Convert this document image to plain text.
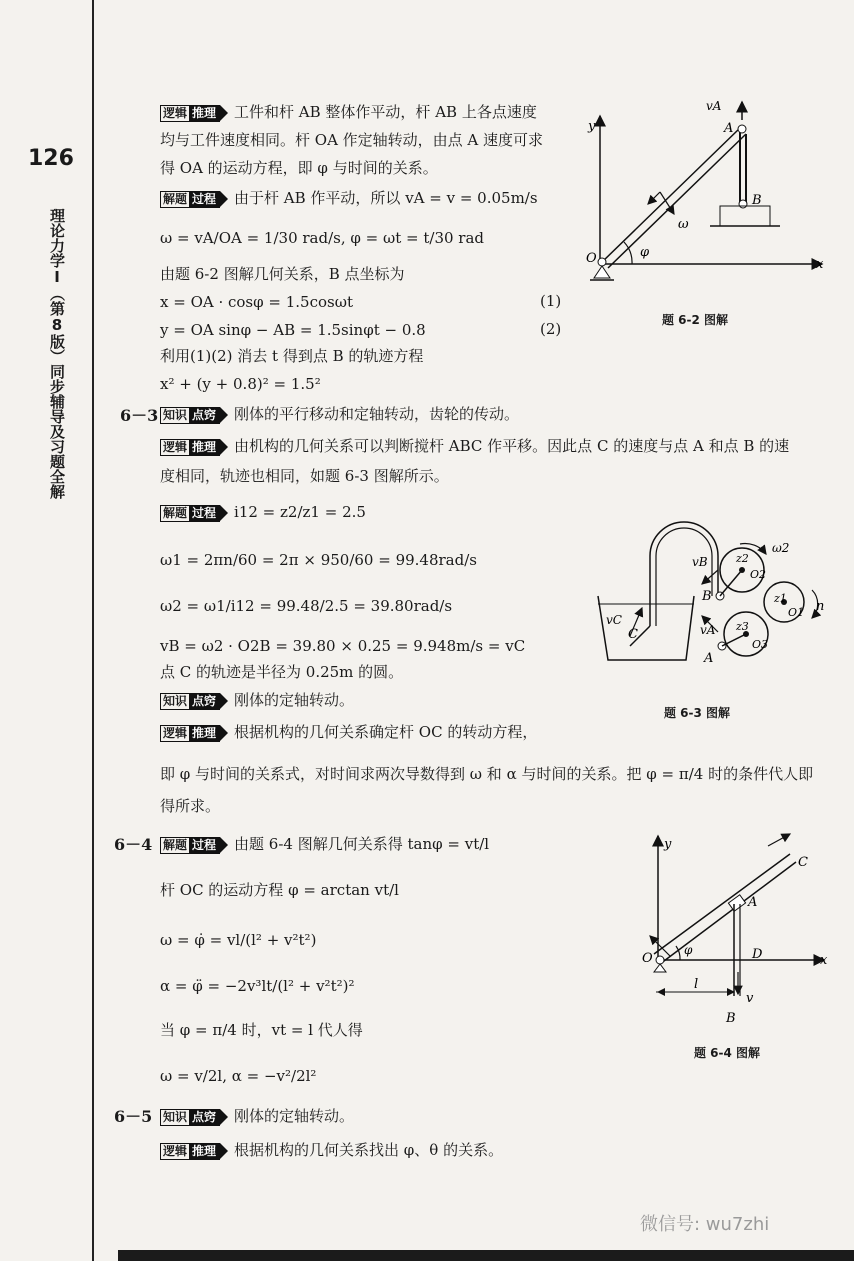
126
理论力学Ⅰ（第8版）同步辅导及习题全解
逻辑 推理 工件和杆 AB 整体作平动，杆 AB 上各点速度
均与工件速度相同。杆 OA 作定轴转动，由点 A 速度可求
得 OA 的运动方程，即 φ 与时间的关系。
解题 过程 由于杆 AB 作平动，所以 vA = v = 0.05m/s
ω = vA/OA = 1/30 rad/s, φ = ωt = t/30 rad
由题 6-2 图解几何关系，B 点坐标为
x = OA · cosφ = 1.5cosωt	(1)
y = OA sinφ − AB = 1.5sinφt − 0.8	(2)
利用(1)(2) 消去 t 得到点 B 的轨迹方程
x² + (y + 0.8)² = 1.5²
vA
A
B
O	x
y
ω
φ
题 6-2 图解
6－3 知识 点窍 刚体的平行移动和定轴转动，齿轮的传动。
逻辑 推理 由机构的几何关系可以判断搅杆 ABC 作平移。因此点 C 的速度与点 A 和点 B 的速
度相同，轨迹也相同，如题 6-3 图解所示。
解题 过程 i12 = z2/z1 = 2.5
ω1 = 2πn/60 = 2π × 950/60 = 99.48rad/s
ω2 = ω1/i12 = 99.48/2.5 = 39.80rad/s
vB = ω2 · O2B = 39.80 × 0.25 = 9.948m/s = vC
点 C 的轨迹是半径为 0.25m 的圆。
知识 点窍 刚体的定轴转动。
逻辑 推理 根据机构的几何关系确定杆 OC 的转动方程，
即 φ 与时间的关系式，对时间求两次导数得到 ω 和 α 与时间的关系。把 φ = π/4 时的条件代人即
得所求。
ω2
vB	z2
O2
B	z1
O1 n
vC
C	vA z3
O3
A
题 6-3 图解
6－4 解题 过程 由题 6-4 图解几何关系得 tanφ = vt/l
杆 OC 的运动方程 φ = arctan vt/l
ω = φ̇ = vl/(l² + v²t²)
α = φ̈ = −2v³lt/(l² + v²t²)²
当 φ = π/4 时，vt = l 代人得
ω = v/2l, α = −v²/2l²
y
C
A
φ
O	D	x
l
v
B
题 6-4 图解
6－5 知识 点窍 刚体的定轴转动。
逻辑 推理 根据机构的几何关系找出 φ、θ 的关系。
微信号: wu7zhi
